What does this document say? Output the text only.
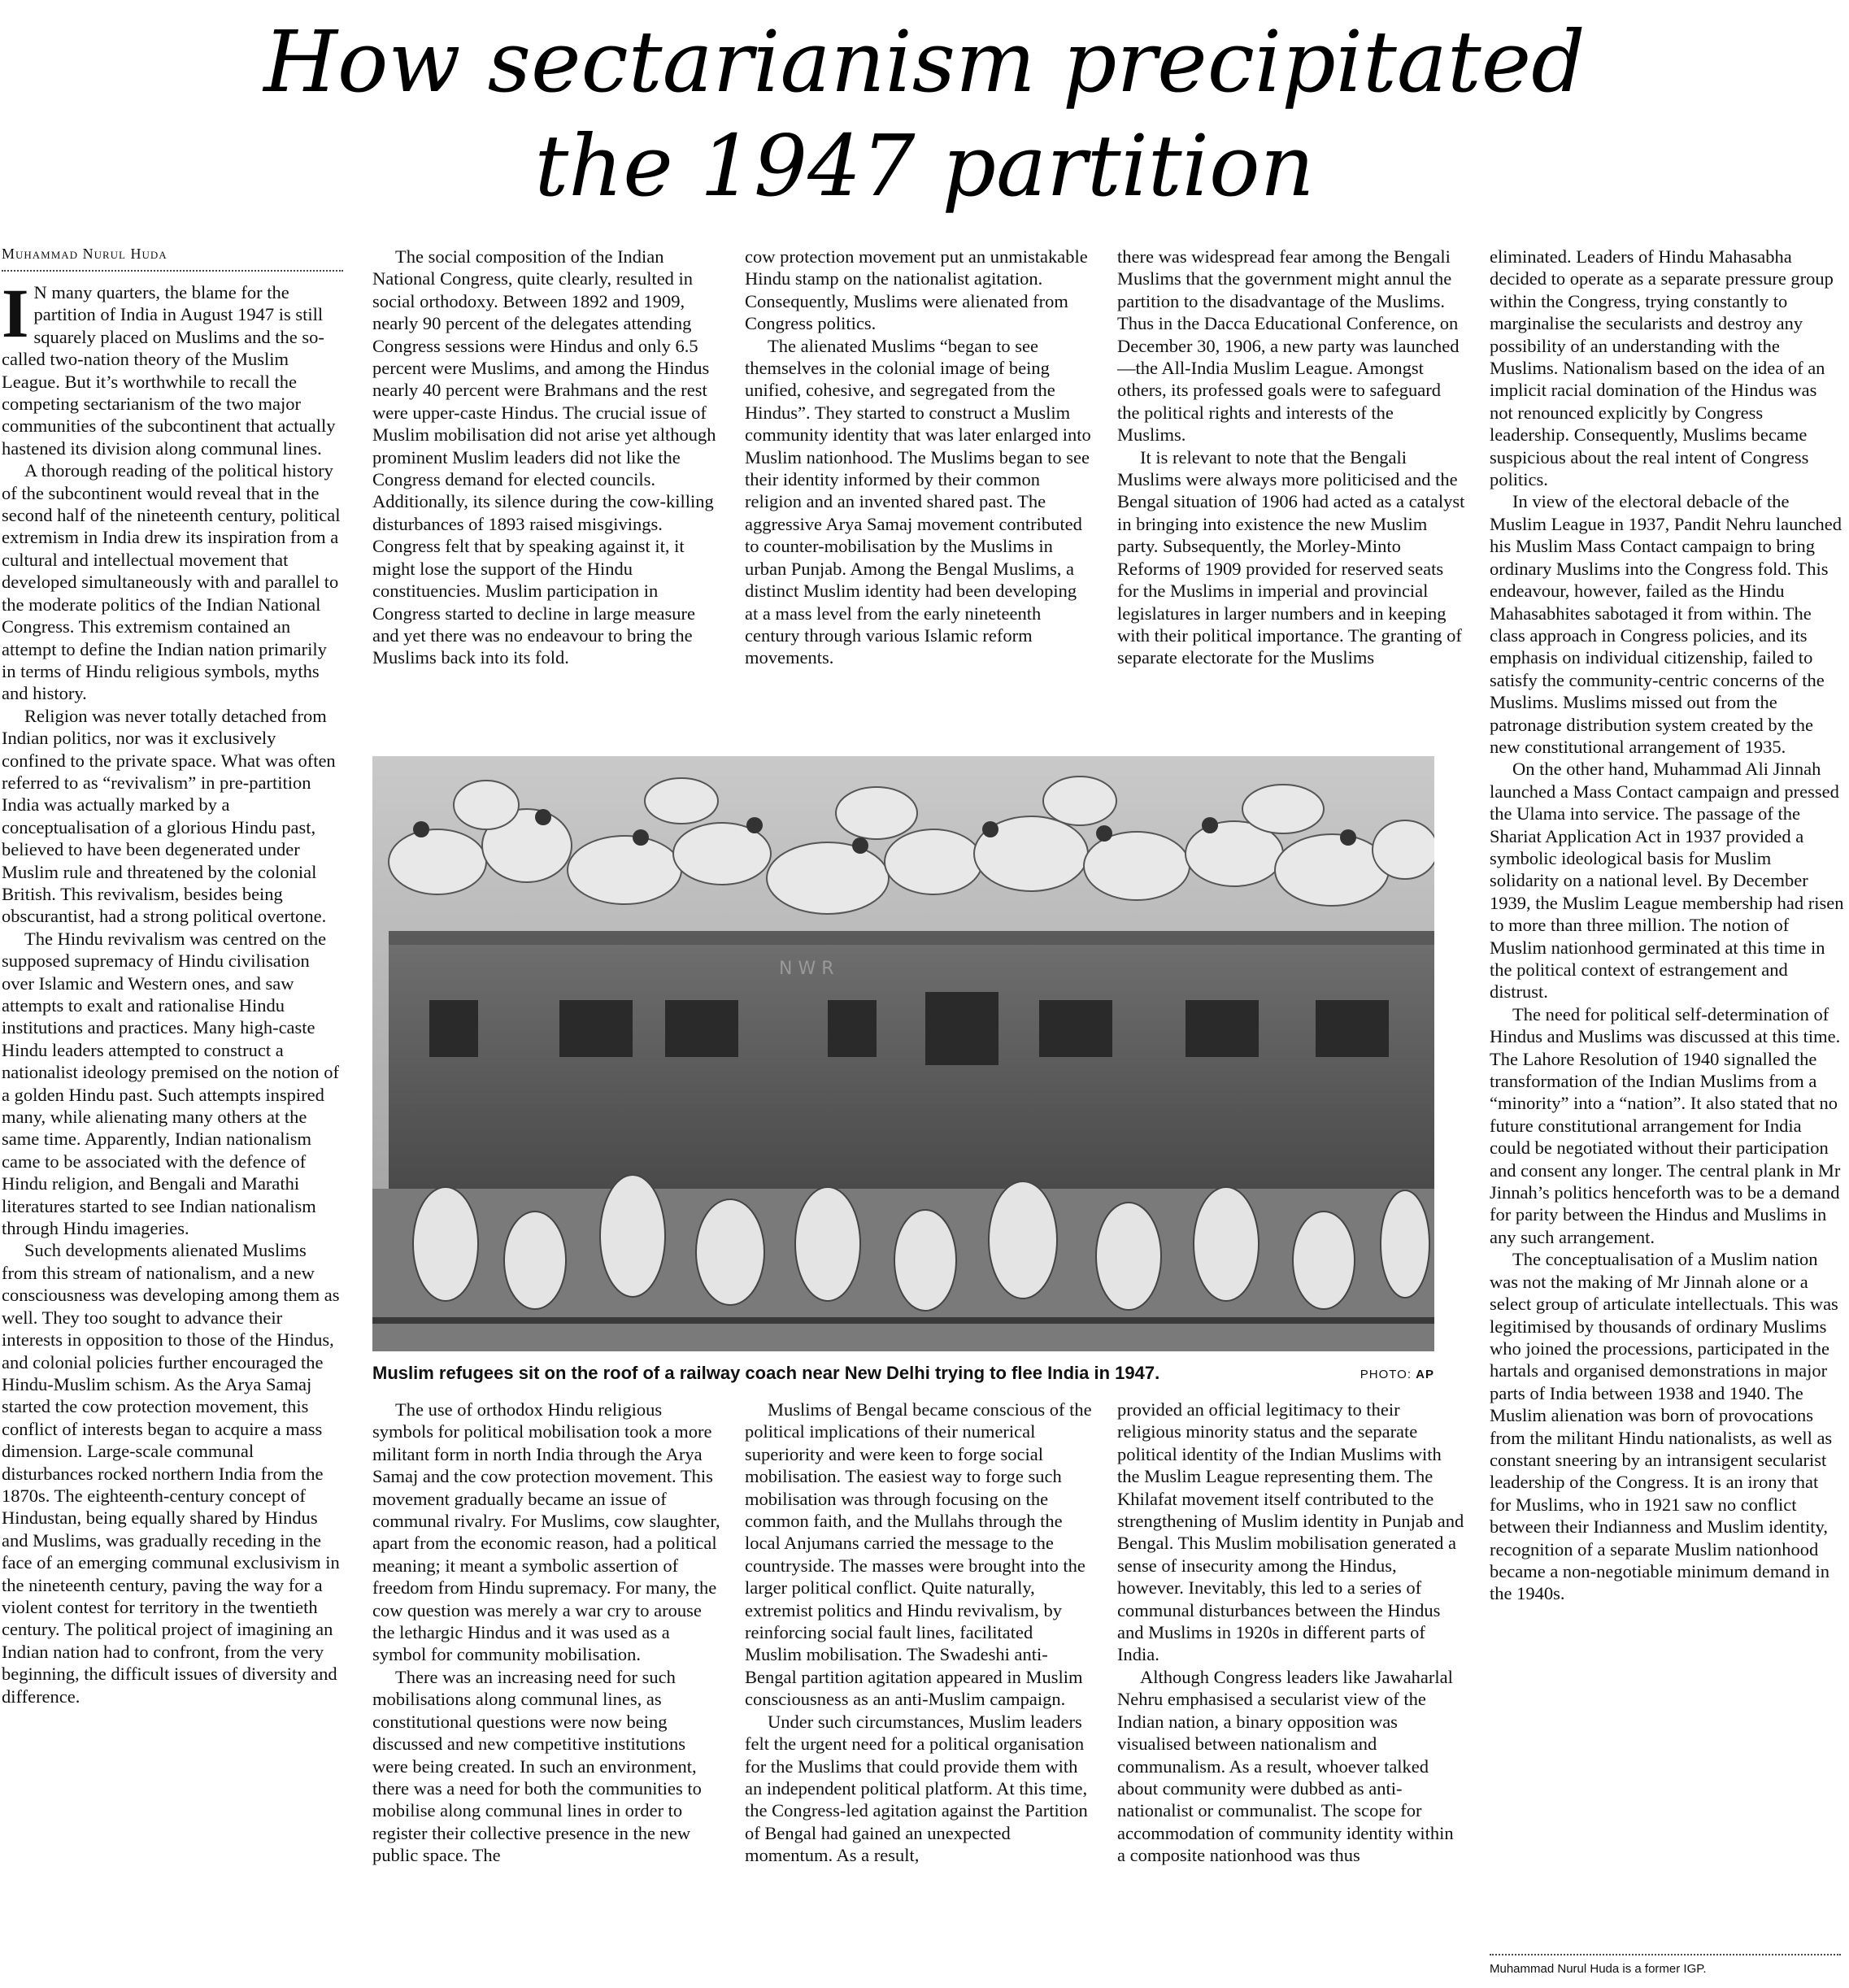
How sectarianism precipitated
the 1947 partition
Muhammad Nurul Huda

I N many quarters, the blame for the partition of India in August 1947 is still squarely placed on Muslims and the so-called two-nation theory of the Muslim League. But it’s worthwhile to recall the competing sectarianism of the two major communities of the subcontinent that actually hastened its division along communal lines.

A thorough reading of the political history of the subcontinent would reveal that in the second half of the nineteenth century, political extremism in India drew its inspiration from a cultural and intellectual movement that developed simultaneously with and parallel to the moderate politics of the Indian National Congress. This extremism contained an attempt to define the Indian nation primarily in terms of Hindu religious symbols, myths and history.

Religion was never totally detached from Indian politics, nor was it exclusively confined to the private space. What was often referred to as “revivalism” in pre-partition India was actually marked by a conceptualisation of a glorious Hindu past, believed to have been degenerated under Muslim rule and threatened by the colonial British. This revivalism, besides being obscurantist, had a strong political overtone.

The Hindu revivalism was centred on the supposed supremacy of Hindu civilisation over Islamic and Western ones, and saw attempts to exalt and rationalise Hindu institutions and practices. Many high-caste Hindu leaders attempted to construct a nationalist ideology premised on the notion of a golden Hindu past. Such attempts inspired many, while alienating many others at the same time. Apparently, Indian nationalism came to be associated with the defence of Hindu religion, and Bengali and Marathi literatures started to see Indian nationalism through Hindu imageries.

Such developments alienated Muslims from this stream of nationalism, and a new consciousness was developing among them as well. They too sought to advance their interests in opposition to those of the Hindus, and colonial policies further encouraged the Hindu-Muslim schism. As the Arya Samaj started the cow protection movement, this conflict of interests began to acquire a mass dimension. Large-scale communal disturbances rocked northern India from the 1870s. The eighteenth-century concept of Hindustan, being equally shared by Hindus and Muslims, was gradually receding in the face of an emerging communal exclusivism in the nineteenth century, paving the way for a violent contest for territory in the twentieth century. The political project of imagining an Indian nation had to confront, from the very beginning, the difficult issues of diversity and difference.

The social composition of the Indian National Congress, quite clearly, resulted in social orthodoxy. Between 1892 and 1909, nearly 90 percent of the delegates attending Congress sessions were Hindus and only 6.5 percent were Muslims, and among the Hindus nearly 40 percent were Brahmans and the rest were upper-caste Hindus. The crucial issue of Muslim mobilisation did not arise yet although prominent Muslim leaders did not like the Congress demand for elected councils. Additionally, its silence during the cow-killing disturbances of 1893 raised misgivings. Congress felt that by speaking against it, it might lose the support of the Hindu constituencies. Muslim participation in Congress started to decline in large measure and yet there was no endeavour to bring the Muslims back into its fold.

cow protection movement put an unmistakable Hindu stamp on the nationalist agitation. Consequently, Muslims were alienated from Congress politics.

The alienated Muslims “began to see themselves in the colonial image of being unified, cohesive, and segregated from the Hindus”. They started to construct a Muslim community identity that was later enlarged into Muslim nationhood. The Muslims began to see their identity informed by their common religion and an invented shared past. The aggressive Arya Samaj movement contributed to counter-mobilisation by the Muslims in urban Punjab. Among the Bengal Muslims, a distinct Muslim identity had been developing at a mass level from the early nineteenth century through various Islamic reform movements.

there was widespread fear among the Bengali Muslims that the government might annul the partition to the disadvantage of the Muslims. Thus in the Dacca Educational Conference, on December 30, 1906, a new party was launched—the All-India Muslim League. Amongst others, its professed goals were to safeguard the political rights and interests of the Muslims.

It is relevant to note that the Bengali Muslims were always more politicised and the Bengal situation of 1906 had acted as a catalyst in bringing into existence the new Muslim party. Subsequently, the Morley-Minto Reforms of 1909 provided for reserved seats for the Muslims in imperial and provincial legislatures in larger numbers and in keeping with their political importance. The granting of separate electorate for the Muslims

eliminated. Leaders of Hindu Mahasabha decided to operate as a separate pressure group within the Congress, trying constantly to marginalise the secularists and destroy any possibility of an understanding with the Muslims. Nationalism based on the idea of an implicit racial domination of the Hindus was not renounced explicitly by Congress leadership. Consequently, Muslims became suspicious about the real intent of Congress politics.

In view of the electoral debacle of the Muslim League in 1937, Pandit Nehru launched his Muslim Mass Contact campaign to bring ordinary Muslims into the Congress fold. This endeavour, however, failed as the Hindu Mahasabhites sabotaged it from within. The class approach in Congress policies, and its emphasis on individual citizenship, failed to satisfy the community-centric concerns of the Muslims. Muslims missed out from the patronage distribution system created by the new constitutional arrangement of 1935.

On the other hand, Muhammad Ali Jinnah launched a Mass Contact campaign and pressed the Ulama into service. The passage of the Shariat Application Act in 1937 provided a symbolic ideological basis for Muslim solidarity on a national level. By December 1939, the Muslim League membership had risen to more than three million. The notion of Muslim nationhood germinated at this time in the political context of estrangement and distrust.

The need for political self-determination of Hindus and Muslims was discussed at this time. The Lahore Resolution of 1940 signalled the transformation of the Indian Muslims from a “minority” into a “nation”. It also stated that no future constitutional arrangement for India could be negotiated without their participation and consent any longer. The central plank in Mr Jinnah’s politics henceforth was to be a demand for parity between the Hindus and Muslims in any such arrangement.

The conceptualisation of a Muslim nation was not the making of Mr Jinnah alone or a select group of articulate intellectuals. This was legitimised by thousands of ordinary Muslims who joined the processions, participated in the hartals and organised demonstrations in major parts of India between 1938 and 1940. The Muslim alienation was born of provocations from the militant Hindu nationalists, as well as constant sneering by an intransigent secularist leadership of the Congress. It is an irony that for Muslims, who in 1921 saw no conflict between their Indianness and Muslim identity, recognition of a separate Muslim nationhood became a non-negotiable minimum demand in the 1940s.

N W R
Muslim refugees sit on the roof of a railway coach near New Delhi trying to flee India in 1947.	PHOTO: AP

The use of orthodox Hindu religious symbols for political mobilisation took a more militant form in north India through the Arya Samaj and the cow protection movement. This movement gradually became an issue of communal rivalry. For Muslims, cow slaughter, apart from the economic reason, had a political meaning; it meant a symbolic assertion of freedom from Hindu supremacy. For many, the cow question was merely a war cry to arouse the lethargic Hindus and it was used as a symbol for community mobilisation.

There was an increasing need for such mobilisations along communal lines, as constitutional questions were now being discussed and new competitive institutions were being created. In such an environment, there was a need for both the communities to mobilise along communal lines in order to register their collective presence in the new public space. The

Muslims of Bengal became conscious of the political implications of their numerical superiority and were keen to forge social mobilisation. The easiest way to forge such mobilisation was through focusing on the common faith, and the Mullahs through the local Anjumans carried the message to the countryside. The masses were brought into the larger political conflict. Quite naturally, extremist politics and Hindu revivalism, by reinforcing social fault lines, facilitated Muslim mobilisation. The Swadeshi anti-Bengal partition agitation appeared in Muslim consciousness as an anti-Muslim campaign.

Under such circumstances, Muslim leaders felt the urgent need for a political organisation for the Muslims that could provide them with an independent political platform. At this time, the Congress-led agitation against the Partition of Bengal had gained an unexpected momentum. As a result,

provided an official legitimacy to their religious minority status and the separate political identity of the Indian Muslims with the Muslim League representing them. The Khilafat movement itself contributed to the strengthening of Muslim identity in Punjab and Bengal. This Muslim mobilisation generated a sense of insecurity among the Hindus, however. Inevitably, this led to a series of communal disturbances between the Hindus and Muslims in 1920s in different parts of India.

Although Congress leaders like Jawaharlal Nehru emphasised a secularist view of the Indian nation, a binary opposition was visualised between nationalism and communalism. As a result, whoever talked about community were dubbed as anti-nationalist or communalist. The scope for accommodation of community identity within a composite nationhood was thus

Muhammad Nurul Huda is a former IGP.
